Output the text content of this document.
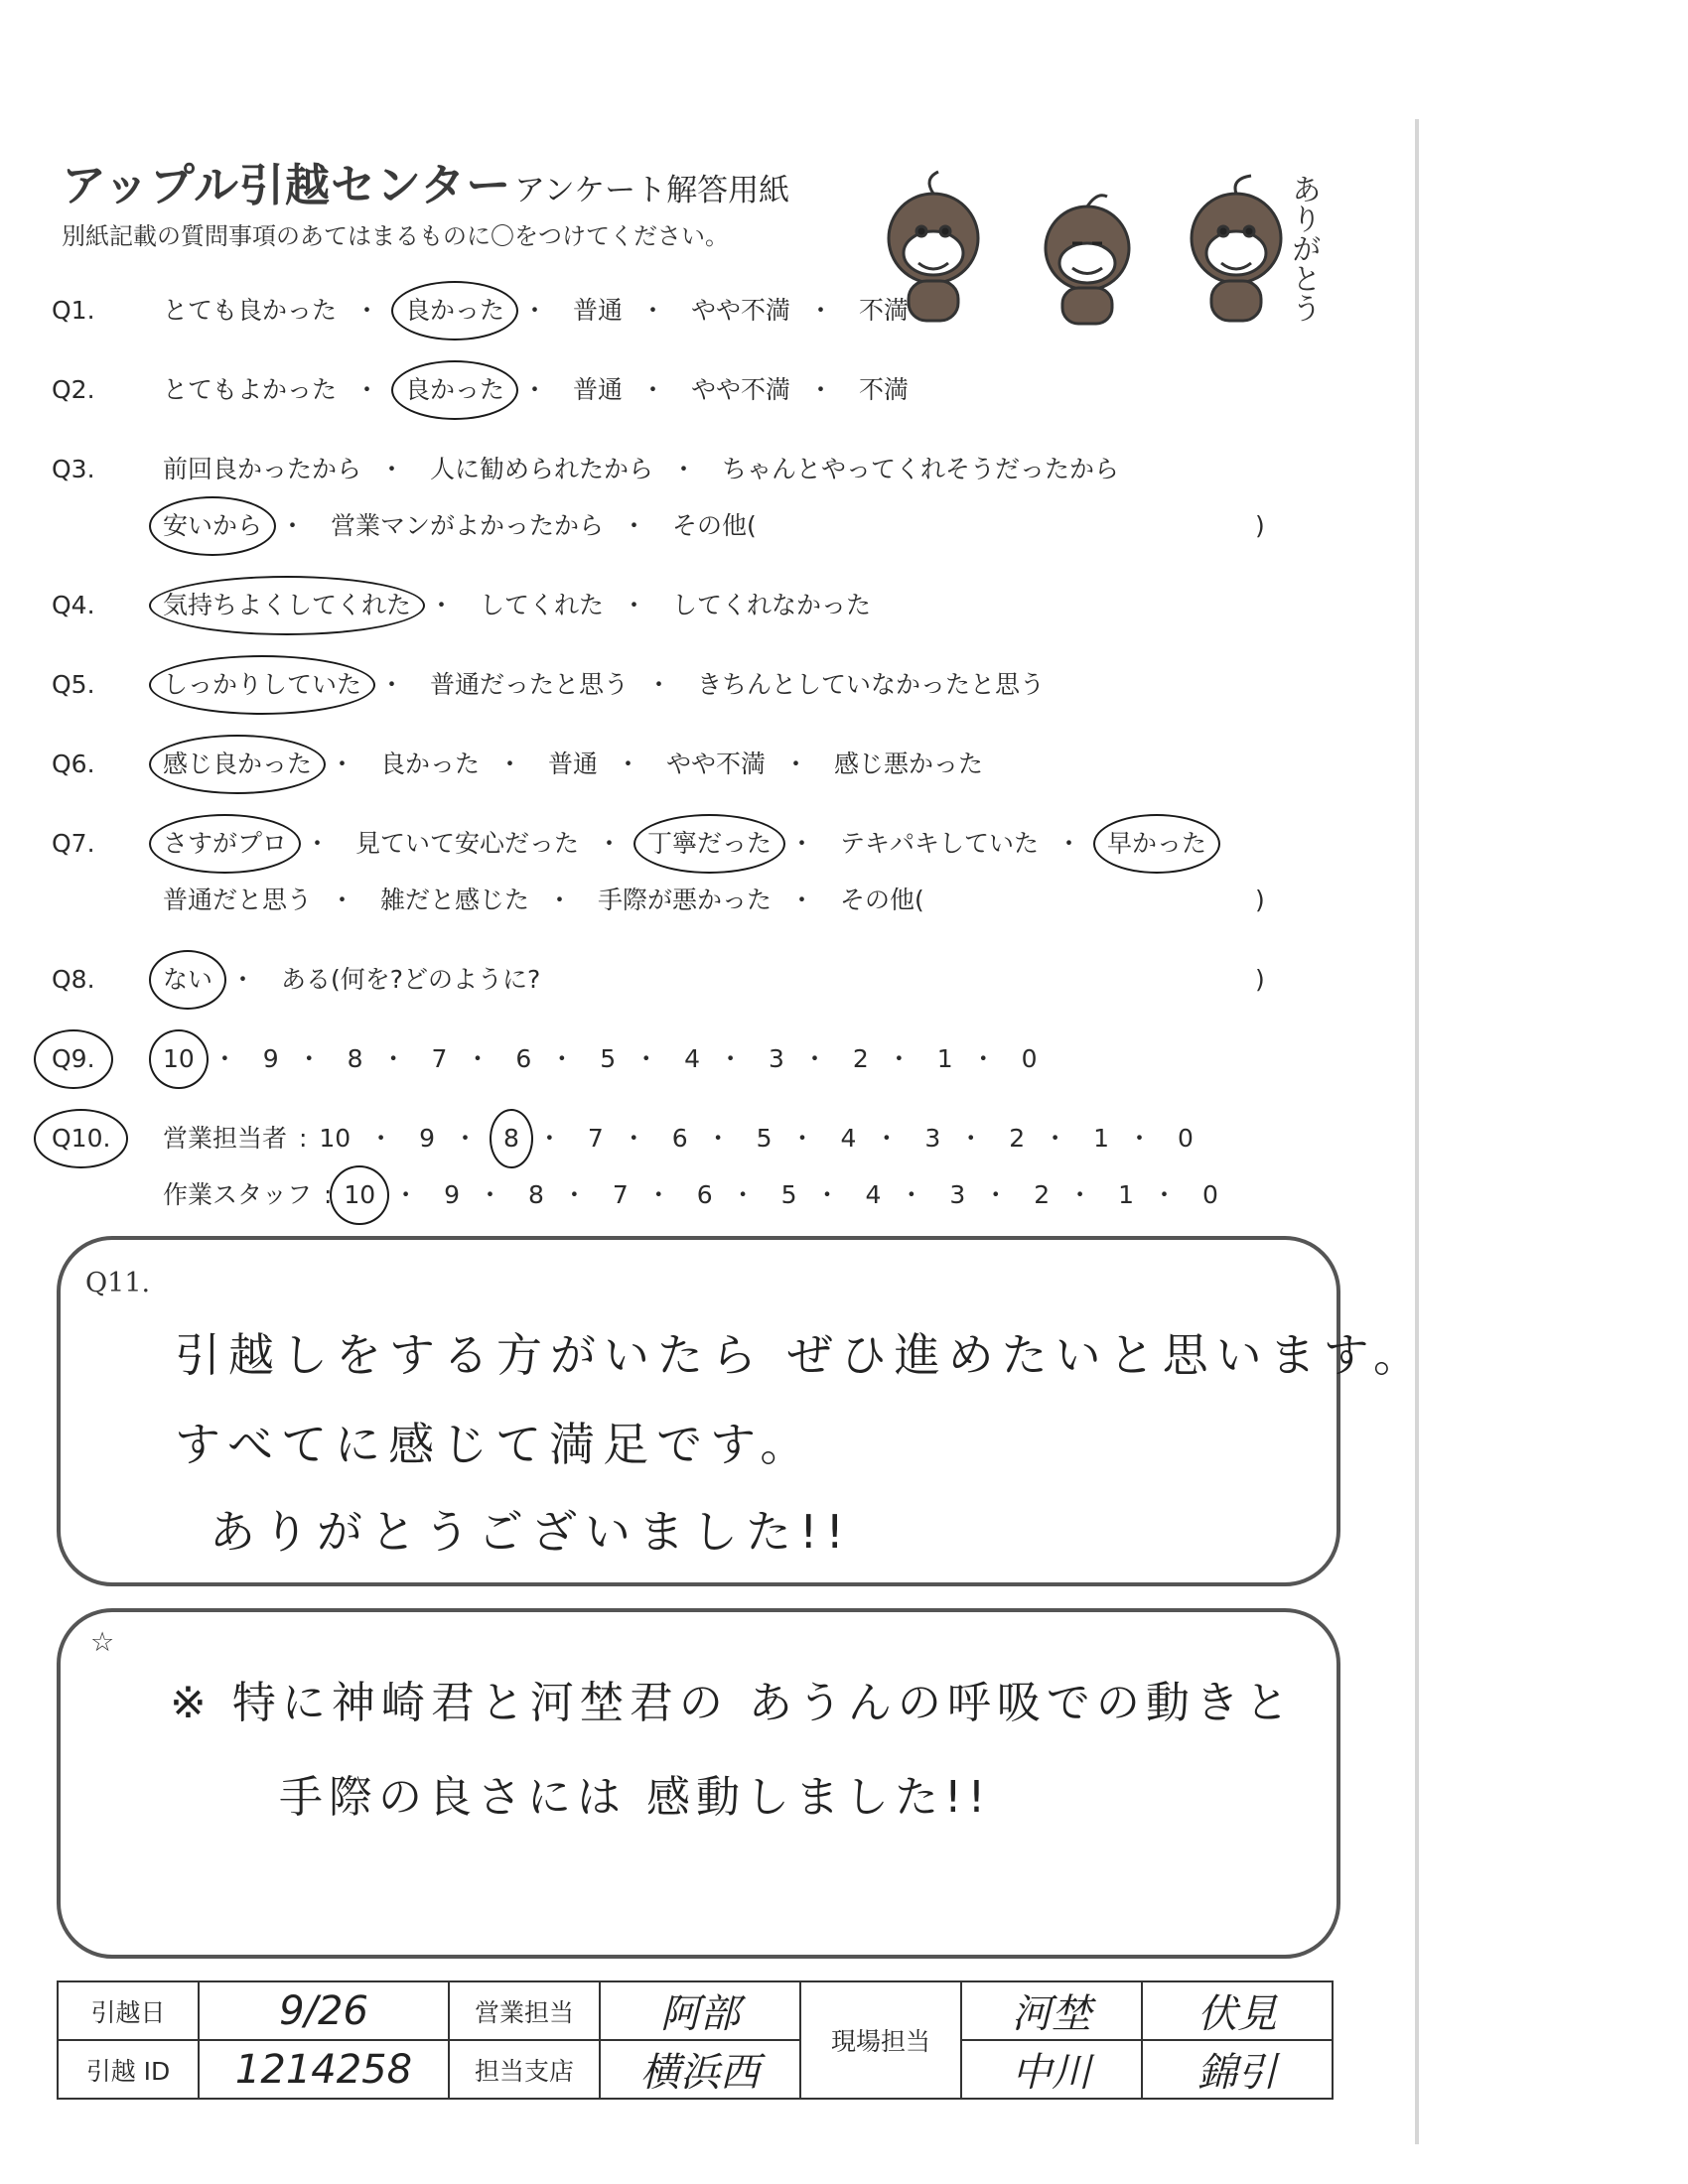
アップル引越センター アンケート解答用紙
別紙記載の質問事項のあてはまるものに〇をつけてください。	ありがとう
Q1.	とても良かった ・ 良かった ・ 普通 ・ やや不満 ・ 不満
Q2.	とてもよかった ・ 良かった ・ 普通 ・ やや不満 ・ 不満
Q3.	前回良かったから ・ 人に勧められたから ・ ちゃんとやってくれそうだったから
安いから ・ 営業マンがよかったから ・ その他(	)
Q4.	気持ちよくしてくれた ・ してくれた ・ してくれなかった
Q5.	しっかりしていた ・ 普通だったと思う ・ きちんとしていなかったと思う
Q6.	感じ良かった ・ 良かった ・ 普通 ・ やや不満 ・ 感じ悪かった
Q7.	さすがプロ ・ 見ていて安心だった ・ 丁寧だった ・ テキパキしていた ・ 早かった
普通だと思う ・ 雑だと感じた ・ 手際が悪かった ・ その他(	)
Q8.	ない ・ ある(何を?どのように?	)
Q9.	10 ・ 9 ・ 8 ・ 7 ・ 6 ・ 5 ・ 4 ・ 3 ・ 2 ・ 1 ・ 0
Q10. 営業担当者 : 10 ・ 9 ・ 8 ・ 7 ・ 6 ・ 5 ・ 4 ・ 3 ・ 2 ・ 1 ・ 0
作業スタッフ : 10 ・ 9 ・ 8 ・ 7 ・ 6 ・ 5 ・ 4 ・ 3 ・ 2 ・ 1 ・ 0
Q11.
引越しをする方がいたら ぜひ進めたいと思います。
すべてに感じて満足です。
ありがとうございました!!
☆
※ 特に神崎君と河埜君の あうんの呼吸での動きと
手際の良さには 感動しました!!
引越日	9/26	営業担当	阿部	現場担当	河埜	伏見
引越 ID	1214258	担当支店	横浜西		中川	錦引
